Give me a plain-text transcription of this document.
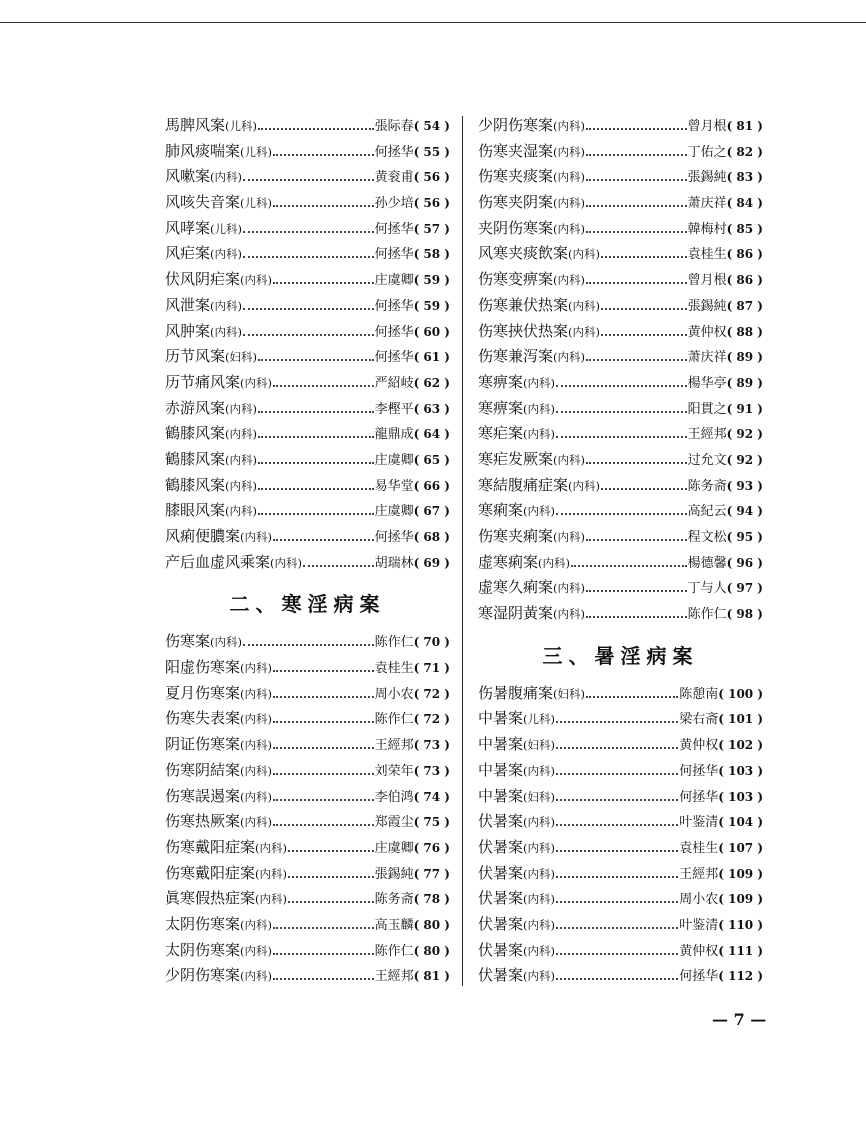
馬脾风案 (儿科)	張际春 ( 54 )
肺风痰喘案 (儿科)	何拯华 ( 55 )
风嗽案 (内科)	黄衮甫 ( 56 )
风咳失音案 (儿科)	孙少培 ( 56 )
风哮案 (儿科)	何拯华 ( 57 )
风疟案 (内科)	何拯华 ( 58 )
伏风阴疟案 (内科)	庄虞卿 ( 59 )
风泄案 (内科)	何拯华 ( 59 )
风肿案 (内科)	何拯华 ( 60 )
历节风案 (妇科)	何拯华 ( 61 )
历节痛风案 (内科)	严紹岐 ( 62 )
赤游风案 (内科)	李樫平 ( 63 )
鶴膝风案 (内科)	龍鼎成 ( 64 )
鶴膝风案 (内科)	庄虞卿 ( 65 )
鶴膝风案 (内科)	易华堂 ( 66 )
膝眼风案 (内科)	庄虞卿 ( 67 )
风痢便膿案 (内科)	何拯华 ( 68 )
产后血虚风乘案 (内科)	胡瑞林 ( 69 )
二、寒淫病案
伤寒案 (内科)	陈作仁 ( 70 )
阳虚伤寒案 (内科)	袁桂生 ( 71 )
夏月伤寒案 (内科)	周小农 ( 72 )
伤寒失表案 (内科)	陈作仁 ( 72 )
阴证伤寒案 (内科)	王經邦 ( 73 )
伤寒阴結案 (内科)	刘荣年 ( 73 )
伤寒誤遏案 (内科)	李伯鸿 ( 74 )
伤寒热厥案 (内科)	郑霞尘 ( 75 )
伤寒戴阳症案 (内科)	庄虞卿 ( 76 )
伤寒戴阳症案 (内科)	張錫純 ( 77 )
眞寒假热症案 (内科)	陈务斋 ( 78 )
太阴伤寒案 (内科)	高玉麟 ( 80 )
太阴伤寒案 (内科)	陈作仁 ( 80 )
少阴伤寒案 (内科)	王經邦 ( 81 )
少阴伤寒案 (内科)	曾月根 ( 81 )
伤寒夹湿案 (内科)	丁佑之 ( 82 )
伤寒夹痰案 (内科)	張錫純 ( 83 )
伤寒夹阴案 (内科)	萧庆祥 ( 84 )
夹阴伤寒案 (内科)	韓梅村 ( 85 )
风寒夹痰飲案 (内科)	袁桂生 ( 86 )
伤寒变痹案 (内科)	曾月根 ( 86 )
伤寒兼伏热案 (内科)	張錫純 ( 87 )
伤寒挾伏热案 (内科)	黄仲权 ( 88 )
伤寒兼泻案 (内科)	萧庆祥 ( 89 )
寒痹案 (内科)	楊华亭 ( 89 )
寒痹案 (内科)	阳貫之 ( 91 )
寒疟案 (内科)	王經邦 ( 92 )
寒疟发厥案 (内科)	过允文 ( 92 )
寒結腹痛症案 (内科)	陈务斋 ( 93 )
寒痢案 (内科)	高紀云 ( 94 )
伤寒夹痢案 (内科)	程文松 ( 95 )
虚寒痢案 (内科)	楊德馨 ( 96 )
虚寒久痢案 (内科)	丁与人 ( 97 )
寒湿阴黃案 (内科)	陈作仁 ( 98 )
三、暑淫病案
伤暑腹痛案 (妇科)	陈憩南 ( 100 )
中暑案 (儿科)	梁右斋 ( 101 )
中暑案 (妇科)	黄仲权 ( 102 )
中暑案 (内科)	何拯华 ( 103 )
中暑案 (妇科)	何拯华 ( 103 )
伏暑案 (内科)	叶鉴清 ( 104 )
伏暑案 (内科)	袁桂生 ( 107 )
伏暑案 (内科)	王經邦 ( 109 )
伏暑案 (内科)	周小农 ( 109 )
伏暑案 (内科)	叶鉴清 ( 110 )
伏暑案 (内科)	黄仲权 ( 111 )
伏暑案 (内科)	何拯华 ( 112 )
— 7 —
